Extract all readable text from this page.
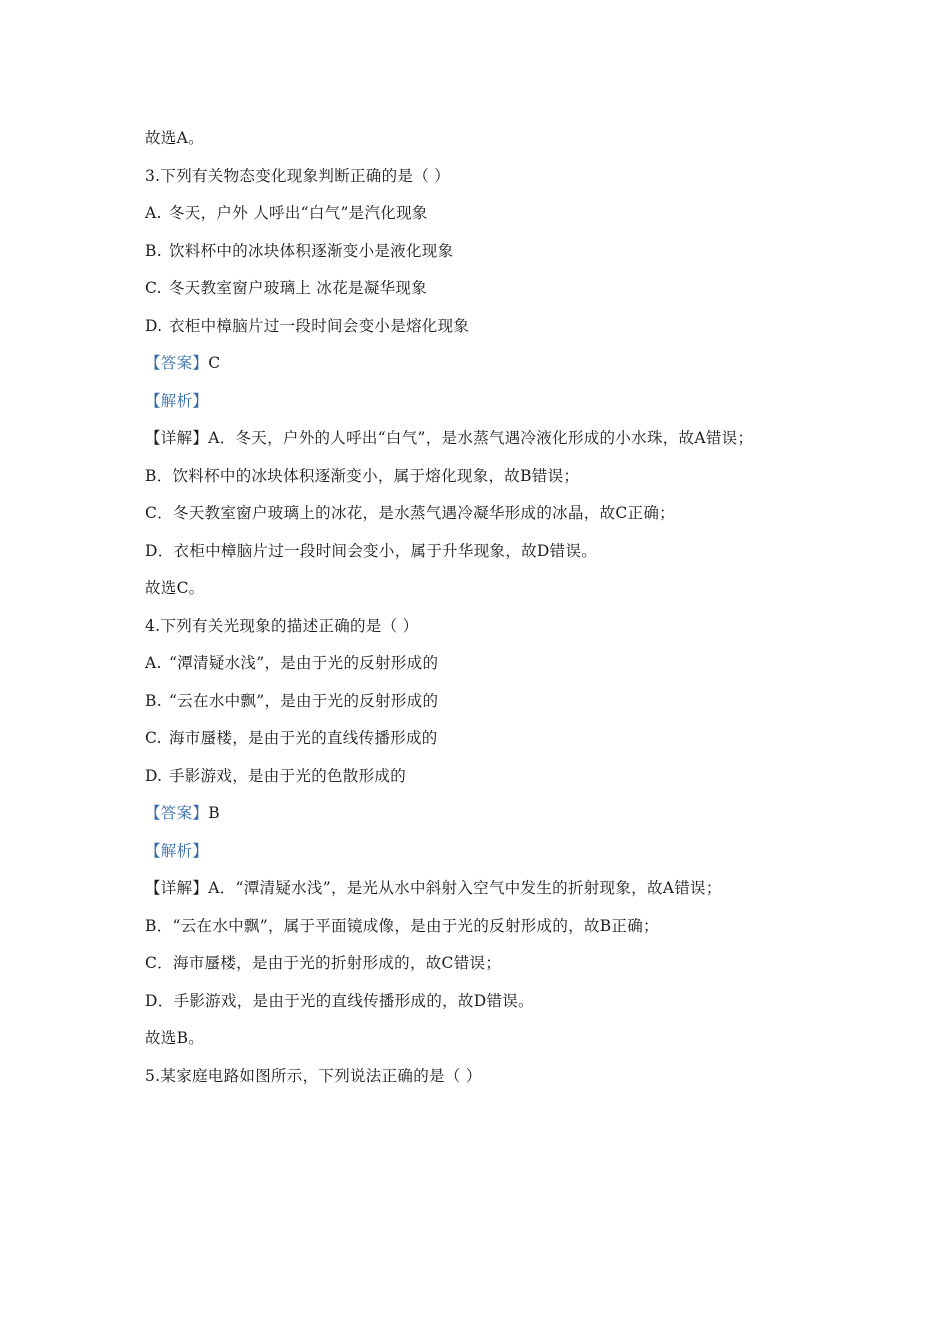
故选A。
3.下列有关物态变化现象判断正确的是（ ）
A. 冬天，户外 人呼出“白气”是汽化现象
B. 饮料杯中的冰块体积逐渐变小是液化现象
C. 冬天教室窗户玻璃上 冰花是凝华现象
D. 衣柜中樟脑片过一段时间会变小是熔化现象
【答案】C
【解析】
【详解】A．冬天，户外的人呼出“白气”，是水蒸气遇冷液化形成的小水珠，故A错误；
B．饮料杯中的冰块体积逐渐变小，属于熔化现象，故B错误；
C．冬天教室窗户玻璃上的冰花，是水蒸气遇冷凝华形成的冰晶，故C正确；
D．衣柜中樟脑片过一段时间会变小，属于升华现象，故D错误。
故选C。
4.下列有关光现象的描述正确的是（ ）
A. “潭清疑水浅”，是由于光的反射形成的
B. “云在水中飘”，是由于光的反射形成的
C. 海市蜃楼，是由于光的直线传播形成的
D. 手影游戏，是由于光的色散形成的
【答案】B
【解析】
【详解】A．“潭清疑水浅”，是光从水中斜射入空气中发生的折射现象，故A错误；
B．“云在水中飘”，属于平面镜成像，是由于光的反射形成的，故B正确；
C．海市蜃楼，是由于光的折射形成的，故C错误；
D．手影游戏，是由于光的直线传播形成的，故D错误。
故选B。
5.某家庭电路如图所示，下列说法正确的是（ ）
